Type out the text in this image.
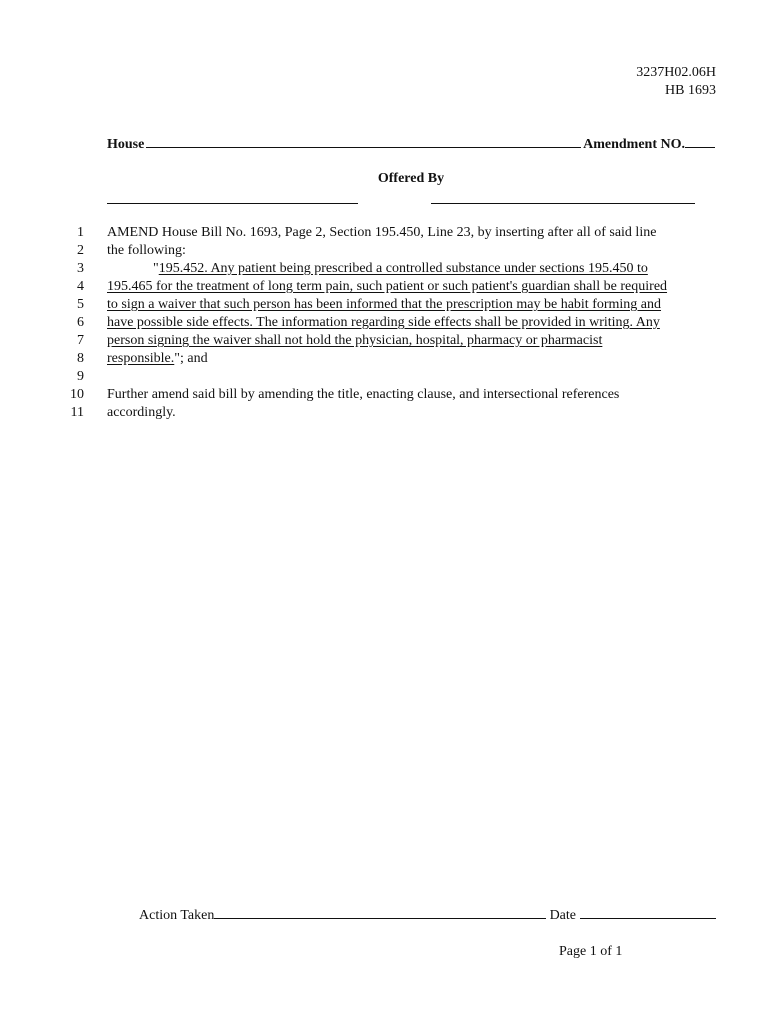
3237H02.06H
HB 1693
House	Amendment NO.
Offered By
1
2
3
4
5
6
7
8
9
10
11
AMEND House Bill No. 1693, Page 2, Section 195.450, Line 23, by inserting after all of said line
the following:
"195.452. Any patient being prescribed a controlled substance under sections 195.450 to
195.465 for the treatment of long term pain, such patient or such patient's guardian shall be required
to sign a waiver that such person has been informed that the prescription may be habit forming and
have possible side effects. The information regarding side effects shall be provided in writing. Any
person signing the waiver shall not hold the physician, hospital, pharmacy or pharmacist
responsible."; and
Further amend said bill by amending the title, enacting clause, and intersectional references
accordingly.
Action Taken	Date
Page 1 of 1
